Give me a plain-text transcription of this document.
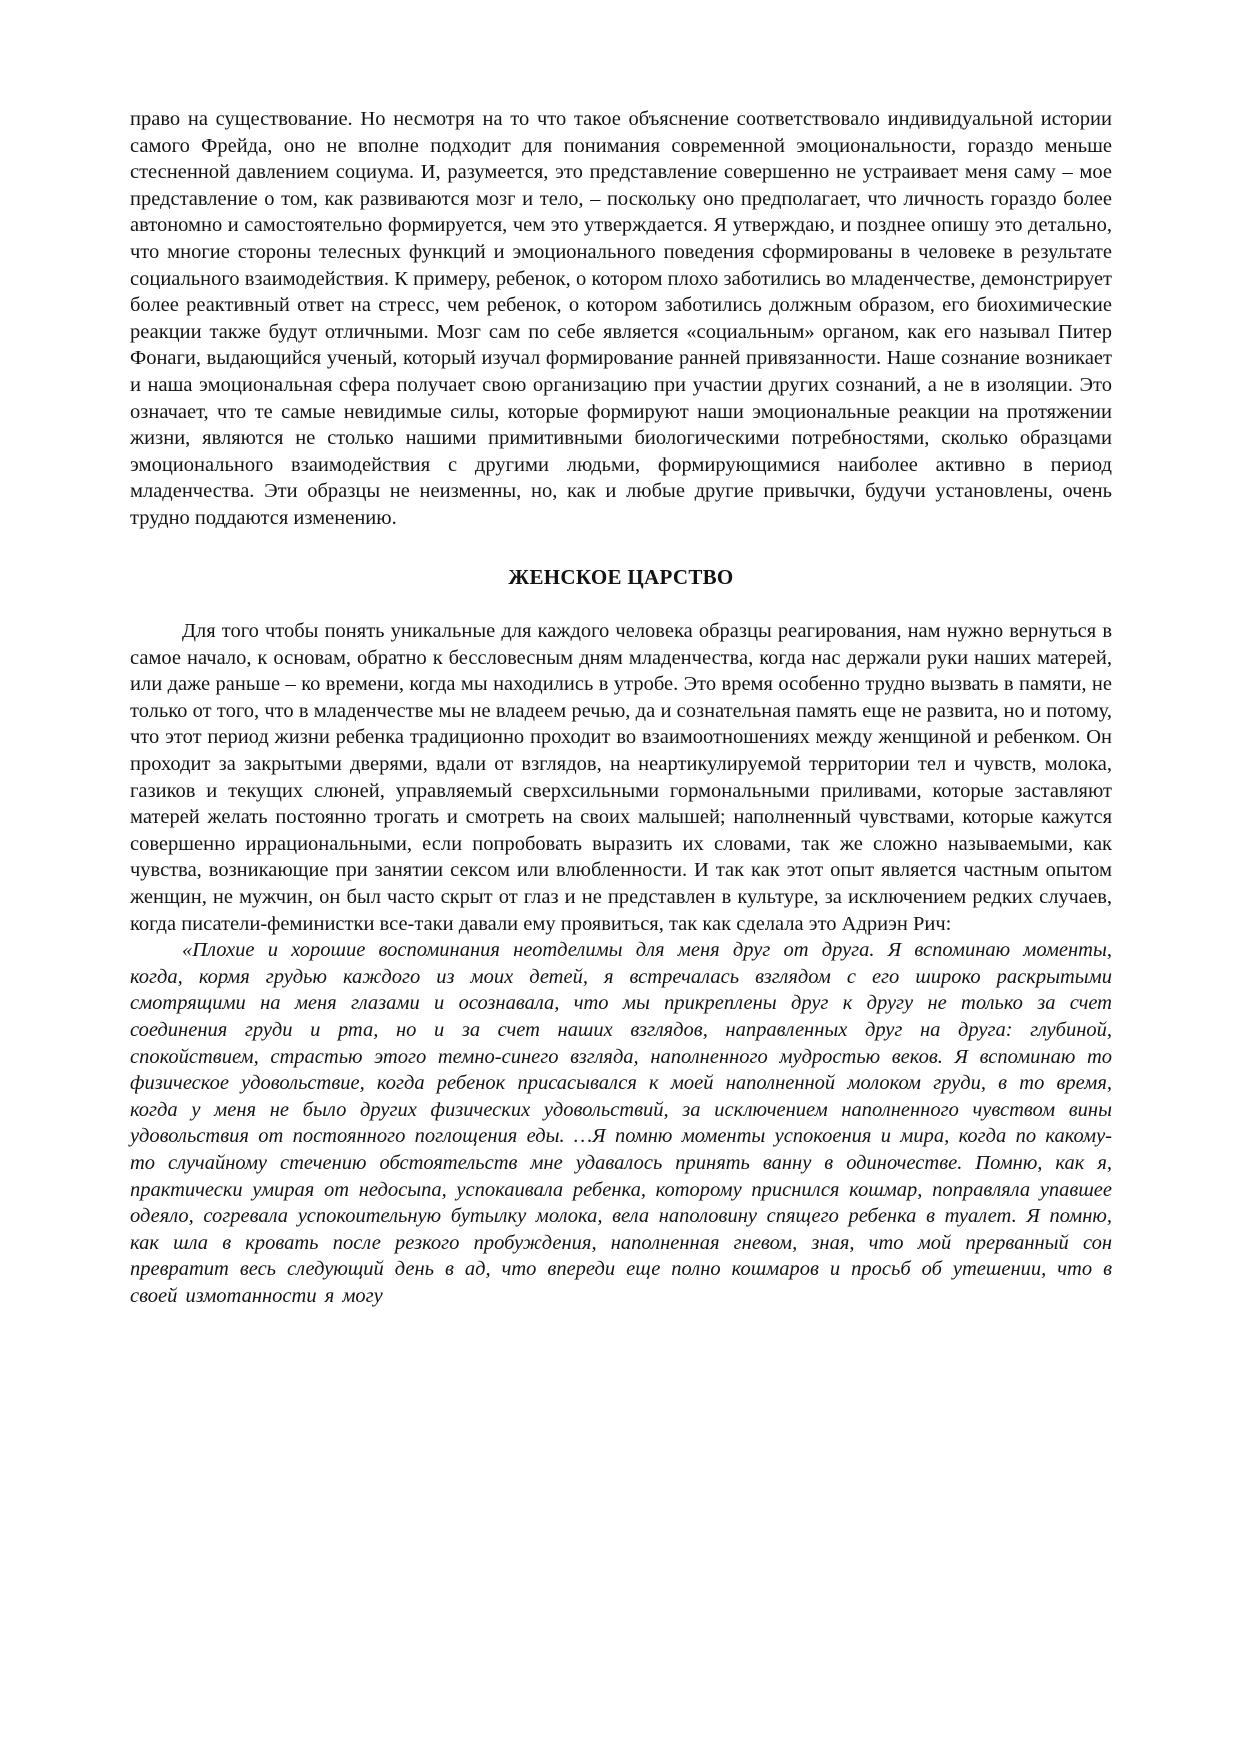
право на существование. Но несмотря на то что такое объяснение соответствовало индивидуальной истории самого Фрейда, оно не вполне подходит для понимания современной эмоциональности, гораздо меньше стесненной давлением социума. И, разумеется, это представление совершенно не устраивает меня саму – мое представление о том, как развиваются мозг и тело, – поскольку оно предполагает, что личность гораздо более автономно и самостоятельно формируется, чем это утверждается. Я утверждаю, и позднее опишу это детально, что многие стороны телесных функций и эмоционального поведения сформированы в человеке в результате социального взаимодействия. К примеру, ребенок, о котором плохо заботились во младенчестве, демонстрирует более реактивный ответ на стресс, чем ребенок, о котором заботились должным образом, его биохимические реакции также будут отличными. Мозг сам по себе является «социальным» органом, как его называл Питер Фонаги, выдающийся ученый, который изучал формирование ранней привязанности. Наше сознание возникает и наша эмоциональная сфера получает свою организацию при участии других сознаний, а не в изоляции. Это означает, что те самые невидимые силы, которые формируют наши эмоциональные реакции на протяжении жизни, являются не столько нашими примитивными биологическими потребностями, сколько образцами эмоционального взаимодействия с другими людьми, формирующимися наиболее активно в период младенчества. Эти образцы не неизменны, но, как и любые другие привычки, будучи установлены, очень трудно поддаются изменению.

ЖЕНСКОЕ ЦАРСТВО

Для того чтобы понять уникальные для каждого человека образцы реагирования, нам нужно вернуться в самое начало, к основам, обратно к бессловесным дням младенчества, когда нас держали руки наших матерей, или даже раньше – ко времени, когда мы находились в утробе. Это время особенно трудно вызвать в памяти, не только от того, что в младенчестве мы не владеем речью, да и сознательная память еще не развита, но и потому, что этот период жизни ребенка традиционно проходит во взаимоотношениях между женщиной и ребенком. Он проходит за закрытыми дверями, вдали от взглядов, на неартикулируемой территории тел и чувств, молока, газиков и текущих слюней, управляемый сверхсильными гормональными приливами, которые заставляют матерей желать постоянно трогать и смотреть на своих малышей; наполненный чувствами, которые кажутся совершенно иррациональными, если попробовать выразить их словами, так же сложно называемыми, как чувства, возникающие при занятии сексом или влюбленности. И так как этот опыт является частным опытом женщин, не мужчин, он был часто скрыт от глаз и не представлен в культуре, за исключением редких случаев, когда писатели-феминистки все-таки давали ему проявиться, так как сделала это Адриэн Рич:

«Плохие и хорошие воспоминания неотделимы для меня друг от друга. Я вспоминаю моменты, когда, кормя грудью каждого из моих детей, я встречалась взглядом с его широко раскрытыми смотрящими на меня глазами и осознавала, что мы прикреплены друг к другу не только за счет соединения груди и рта, но и за счет наших взглядов, направленных друг на друга: глубиной, спокойствием, страстью этого темно-синего взгляда, наполненного мудростью веков. Я вспоминаю то физическое удовольствие, когда ребенок присасывался к моей наполненной молоком груди, в то время, когда у меня не было других физических удовольствий, за исключением наполненного чувством вины удовольствия от постоянного поглощения еды. …Я помню моменты успокоения и мира, когда по какому-то случайному стечению обстоятельств мне удавалось принять ванну в одиночестве. Помню, как я, практически умирая от недосыпа, успокаивала ребенка, которому приснился кошмар, поправляла упавшее одеяло, согревала успокоительную бутылку молока, вела наполовину спящего ребенка в туалет. Я помню, как шла в кровать после резкого пробуждения, наполненная гневом, зная, что мой прерванный сон превратит весь следующий день в ад, что впереди еще полно кошмаров и просьб об утешении, что в своей измотанности я могу
